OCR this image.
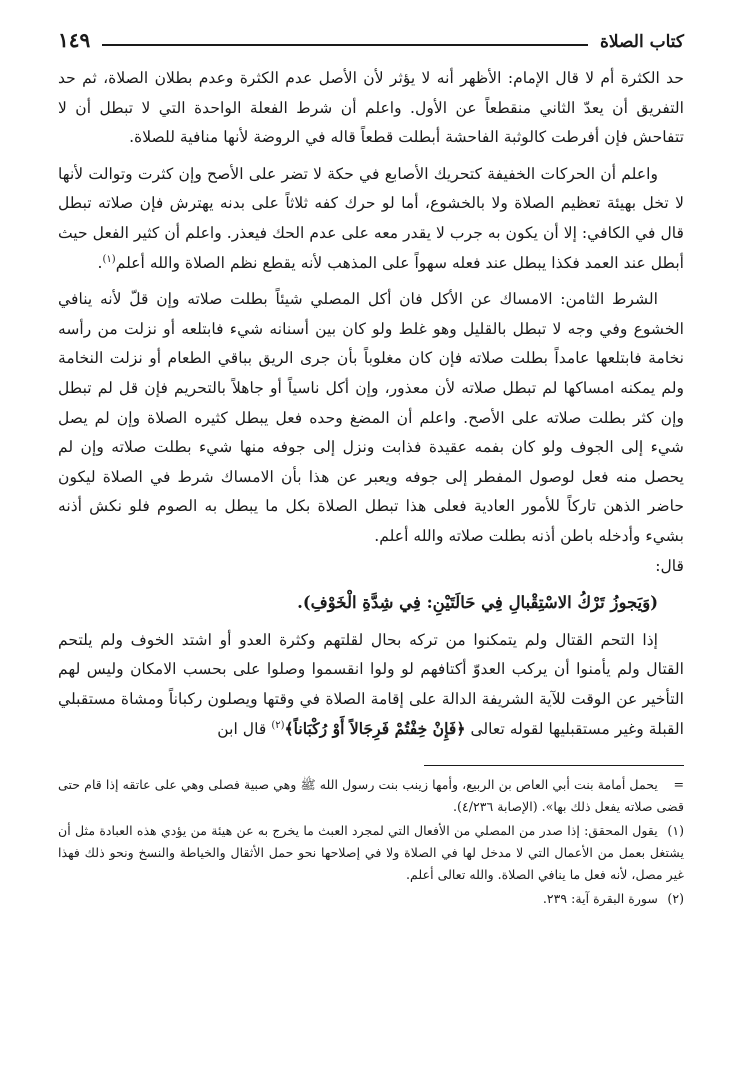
كتاب الصلاة
١٤٩

حد الكثرة أم لا قال الإمام: الأظهر أنه لا يؤثر لأن الأصل عدم الكثرة وعدم بطلان الصلاة، ثم حد التفريق أن يعدّ الثاني منقطعاً عن الأول. واعلم أن شرط الفعلة الواحدة التي لا تبطل أن لا تتفاحش فإن أفرطت كالوثبة الفاحشة أبطلت قطعاً قاله في الروضة لأنها منافية للصلاة.

واعلم أن الحركات الخفيفة كتحريك الأصابع في حكة لا تضر على الأصح وإن كثرت وتوالت لأنها لا تخل بهيئة تعظيم الصلاة ولا بالخشوع، أما لو حرك كفه ثلاثاً على بدنه يهترش فإن صلاته تبطل قال في الكافي: إلا أن يكون به جرب لا يقدر معه على عدم الحك فيعذر. واعلم أن كثير الفعل حيث أبطل عند العمد فكذا يبطل عند فعله سهواً على المذهب لأنه يقطع نظم الصلاة والله أعلم$^{(١)}$.

الشرط الثامن: الامساك عن الأكل فان أكل المصلي شيئاً بطلت صلاته وإن قلّ لأنه ينافي الخشوع وفي وجه لا تبطل بالقليل وهو غلط ولو كان بين أسنانه شيء فابتلعه أو نزلت من رأسه نخامة فابتلعها عامداً بطلت صلاته فإن كان مغلوباً بأن جرى الريق بباقي الطعام أو نزلت النخامة ولم يمكنه امساكها لم تبطل صلاته لأن معذور، وإن أكل ناسياً أو جاهلاً بالتحريم فإن قل لم تبطل وإن كثر بطلت صلاته على الأصح. واعلم أن المضغ وحده فعل يبطل كثيره الصلاة وإن لم يصل شيء إلى الجوف ولو كان بفمه عقيدة فذابت ونزل إلى جوفه منها شيء بطلت صلاته وإن لم يحصل منه فعل لوصول المفطر إلى جوفه ويعبر عن هذا بأن الامساك شرط في الصلاة ليكون حاضر الذهن تاركاً للأمور العادية فعلى هذا تبطل الصلاة بكل ما يبطل به الصوم فلو نكش أذنه بشيء وأدخله باطن أذنه بطلت صلاته والله أعلم.

قال:

(وَيَجوزُ تَرْكُ الاسْتِقْبالِ فِي حَالَتَيْنِ: فِي شِدَّةِ الْخَوْفِ).

إذا التحم القتال ولم يتمكنوا من تركه بحال لقلتهم وكثرة العدو أو اشتد الخوف ولم يلتحم القتال ولم يأمنوا أن يركب العدوّ أكتافهم لو ولوا انقسموا وصلوا على بحسب الامكان وليس لهم التأخير عن الوقت للآية الشريفة الدالة على إقامة الصلاة في وقتها ويصلون ركباناً ومشاة مستقبلي القبلة وغير مستقبليها لقوله تعالى ﴿فَإِنْ خِفْتُمْ فَرِجَالاً أَوْ رُكْبَاناً﴾$^{(٢)}$ قال ابن

= يحمل أمامة بنت أبي العاص بن الربيع، وأمها زينب بنت رسول الله ﷺ وهي صبية فصلى وهي على عاتقه إذا قام حتى قضى صلاته يفعل ذلك بها». (الإصابة ٤/٢٣٦).

(١) يقول المحقق: إذا صدر من المصلي من الأفعال التي لمجرد العبث ما يخرج به عن هيئة من يؤدي هذه العبادة مثل أن يشتغل بعمل من الأعمال التي لا مدخل لها في الصلاة ولا في إصلاحها نحو حمل الأثقال والخياطة والنسخ ونحو ذلك فهذا غير مصل، لأنه فعل ما ينافي الصلاة. والله تعالى أعلم.

(٢) سورة البقرة آية: ٢٣٩.
